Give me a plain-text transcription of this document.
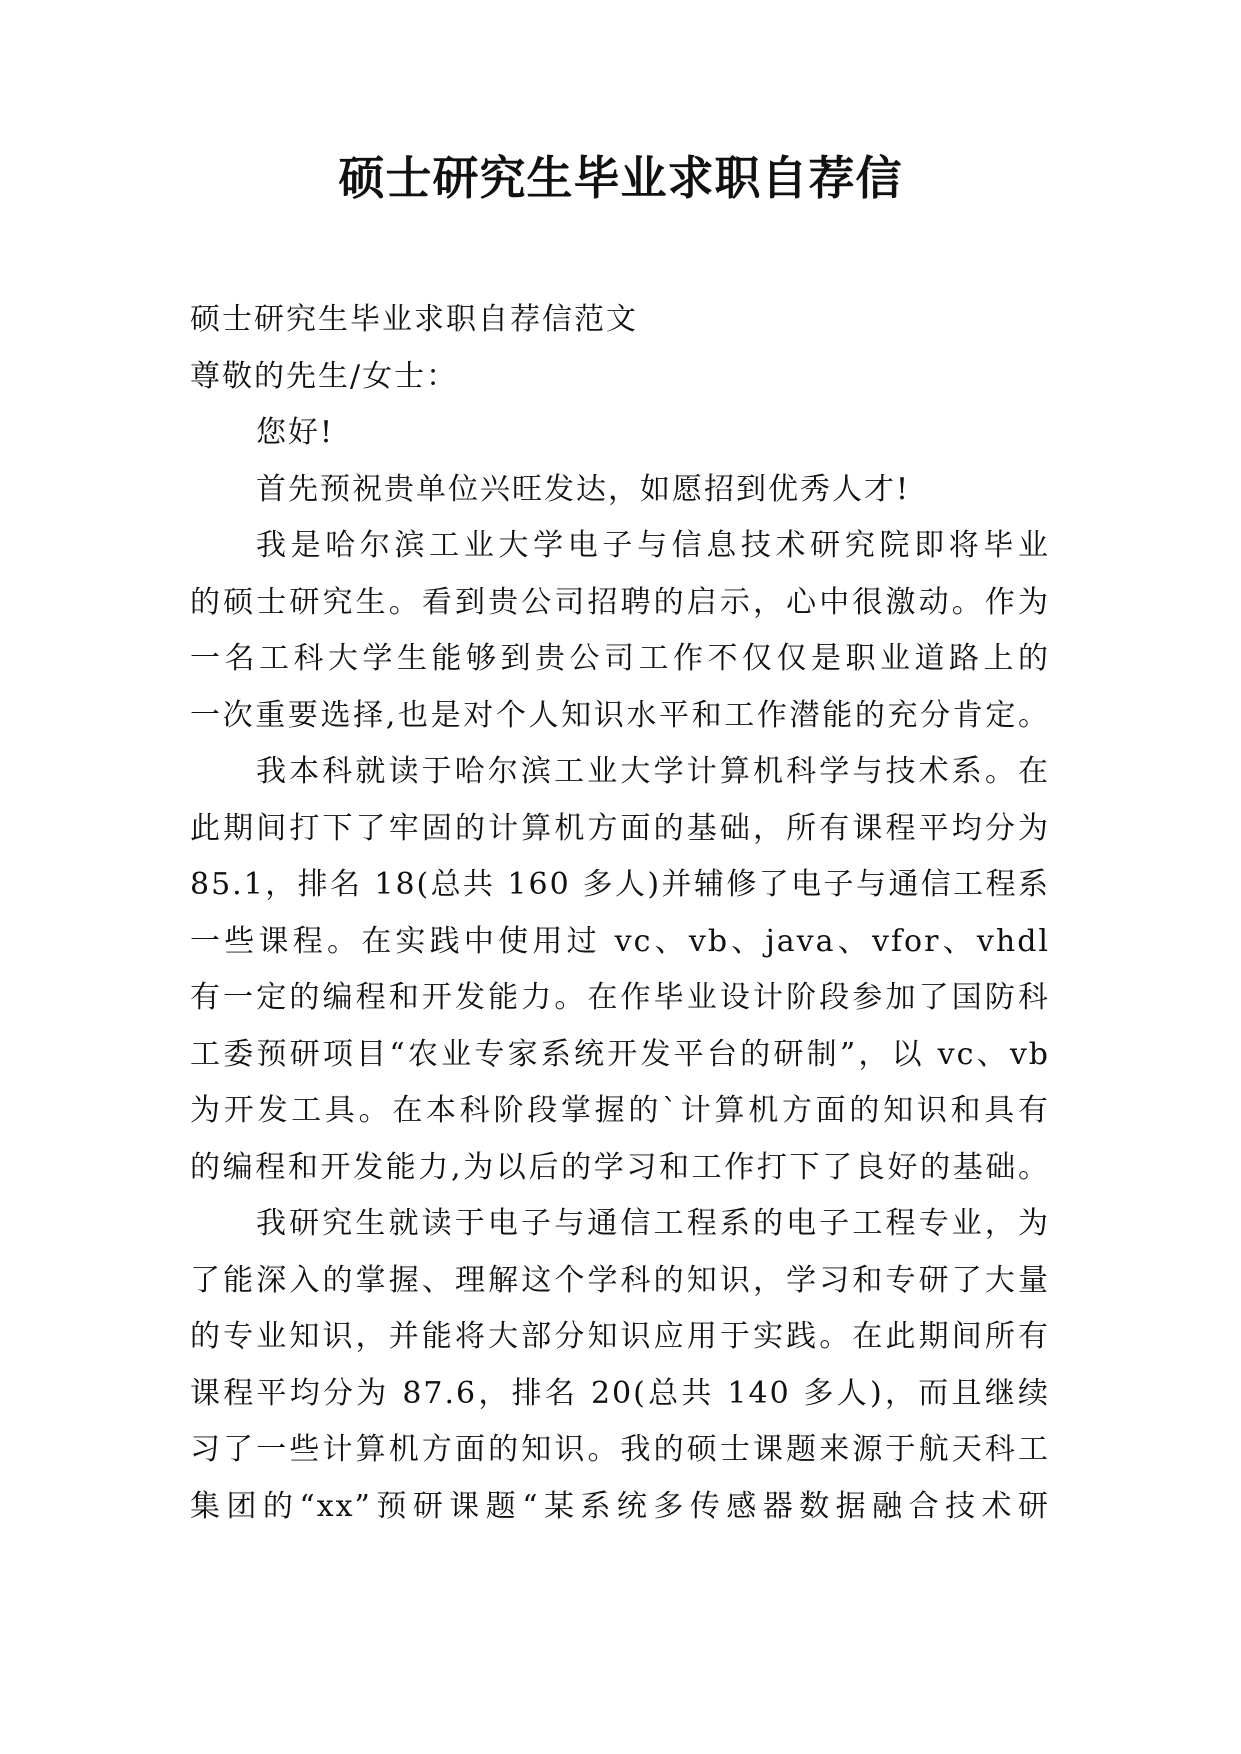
硕士研究生毕业求职自荐信
硕士研究生毕业求职自荐信范文
尊敬的先生/女士：
您好!
首先预祝贵单位兴旺发达，如愿招到优秀人才!
我是哈尔滨工业大学电子与信息技术研究院即将毕业
的硕士研究生。看到贵公司招聘的启示，心中很激动。作为
一名工科大学生能够到贵公司工作不仅仅是职业道路上的
一次重要选择,也是对个人知识水平和工作潜能的充分肯定。
我本科就读于哈尔滨工业大学计算机科学与技术系。在
此期间打下了牢固的计算机方面的基础，所有课程平均分为
85.1，排名 18(总共 160 多人)并辅修了电子与通信工程系
一些课程。在实践中使用过 vc、vb、java、vfor、vhdl
有一定的编程和开发能力。在作毕业设计阶段参加了国防科
工委预研项目“农业专家系统开发平台的研制”，以 vc、vb
为开发工具。在本科阶段掌握的`计算机方面的知识和具有
的编程和开发能力,为以后的学习和工作打下了良好的基础。
我研究生就读于电子与通信工程系的电子工程专业，为
了能深入的掌握、理解这个学科的知识，学习和专研了大量
的专业知识，并能将大部分知识应用于实践。在此期间所有
课程平均分为 87.6，排名 20(总共 140 多人)，而且继续
习了一些计算机方面的知识。我的硕士课题来源于航天科工
集团的“xx”预研课题“某系统多传感器数据融合技术研
